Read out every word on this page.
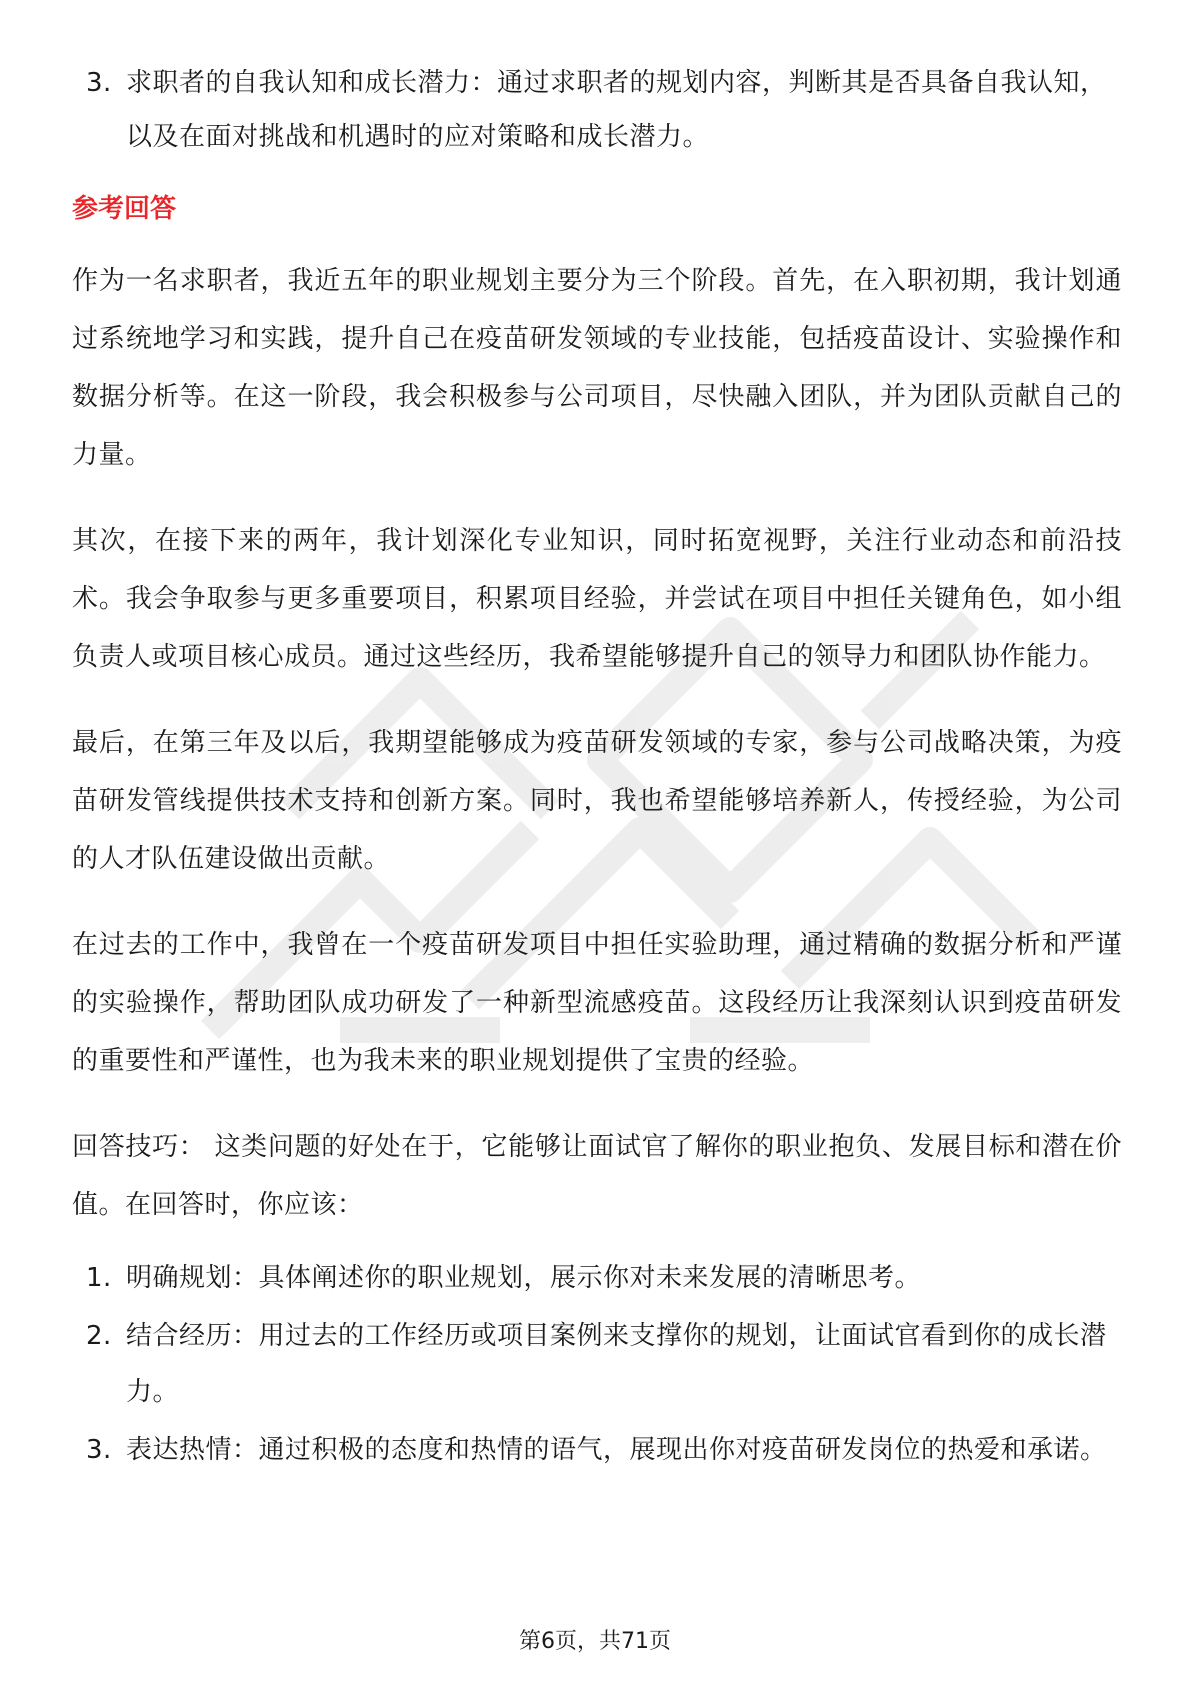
3. 求职者的自我认知和成长潜力：通过求职者的规划内容，判断其是否具备自我认知，以及在面对挑战和机遇时的应对策略和成长潜力。
参考回答

作为一名求职者，我近五年的职业规划主要分为三个阶段。首先，在入职初期，我计划通过系统地学习和实践，提升自己在疫苗研发领域的专业技能，包括疫苗设计、实验操作和数据分析等。在这一阶段，我会积极参与公司项目，尽快融入团队，并为团队贡献自己的力量。

其次，在接下来的两年，我计划深化专业知识，同时拓宽视野，关注行业动态和前沿技术。我会争取参与更多重要项目，积累项目经验，并尝试在项目中担任关键角色，如小组负责人或项目核心成员。通过这些经历，我希望能够提升自己的领导力和团队协作能力。

最后，在第三年及以后，我期望能够成为疫苗研发领域的专家，参与公司战略决策，为疫苗研发管线提供技术支持和创新方案。同时，我也希望能够培养新人，传授经验，为公司的人才队伍建设做出贡献。

在过去的工作中，我曾在一个疫苗研发项目中担任实验助理，通过精确的数据分析和严谨的实验操作，帮助团队成功研发了一种新型流感疫苗。这段经历让我深刻认识到疫苗研发的重要性和严谨性，也为我未来的职业规划提供了宝贵的经验。

回答技巧： 这类问题的好处在于，它能够让面试官了解你的职业抱负、发展目标和潜在价值。在回答时，你应该：

1. 明确规划：具体阐述你的职业规划，展示你对未来发展的清晰思考。
2. 结合经历：用过去的工作经历或项目案例来支撑你的规划，让面试官看到你的成长潜力。
3. 表达热情：通过积极的态度和热情的语气，展现出你对疫苗研发岗位的热爱和承诺。
第6页，共71页
